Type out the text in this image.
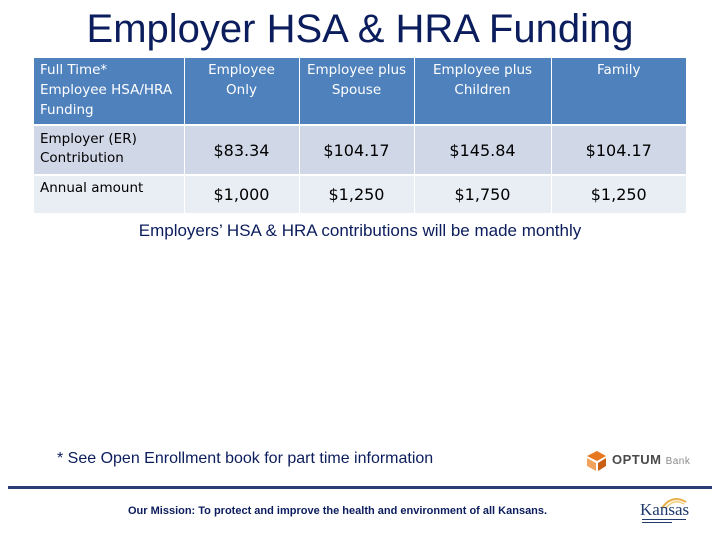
Employer HSA & HRA Funding
Full Time* Employee HSA/HRA Funding	Employee Only	Employee plus Spouse	Employee plus Children	Family
Employer (ER) Contribution	$83.34	$104.17	$145.84	$104.17
Annual amount	$1,000	$1,250	$1,750	$1,250
Employers’ HSA & HRA contributions will be made monthly
* See Open Enrollment book for part time information	OPTUM Bank
Our Mission: To protect and improve the health and environment of all Kansans.	Kansas
